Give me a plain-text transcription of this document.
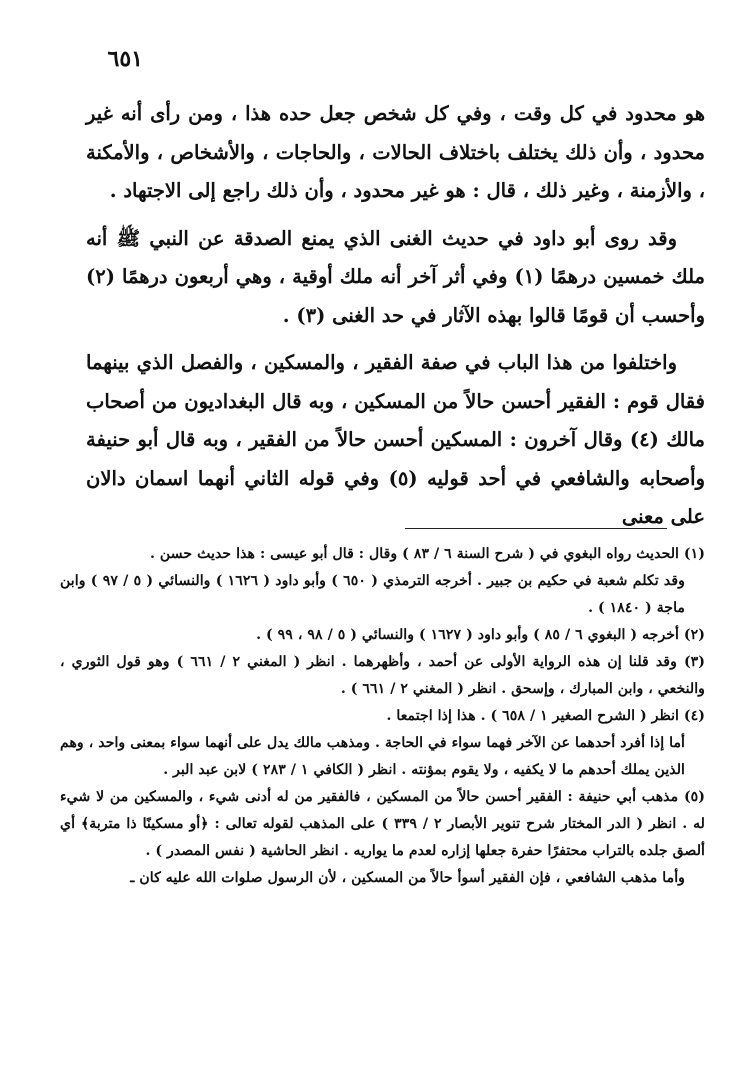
٦٥١

هو محدود في كل وقت ، وفي كل شخص جعل حده هذا ، ومن رأى أنه غير محدود ، وأن ذلك يختلف باختلاف الحالات ، والحاجات ، والأشخاص ، والأمكنة ، والأزمنة ، وغير ذلك ، قال : هو غير محدود ، وأن ذلك راجع إلى الاجتهاد .

وقد روى أبو داود في حديث الغنى الذي يمنع الصدقة عن النبي ﷺ أنه ملك خمسين درهمًا (١) وفي أثر آخر أنه ملك أوقية ، وهي أربعون درهمًا (٢) وأحسب أن قومًا قالوا بهذه الآثار في حد الغنى (٣) .

واختلفوا من هذا الباب في صفة الفقير ، والمسكين ، والفصل الذي بينهما فقال قوم : الفقير أحسن حالاً من المسكين ، وبه قال البغداديون من أصحاب مالك (٤) وقال آخرون : المسكين أحسن حالاً من الفقير ، وبه قال أبو حنيفة وأصحابه والشافعي في أحد قوليه (٥) وفي قوله الثاني أنهما اسمان دالان على معنى

(١) الحديث رواه البغوي في ( شرح السنة ٦ / ٨٣ ) وقال : قال أبو عيسى : هذا حديث حسن .

وقد تكلم شعبة في حكيم بن جبير . أخرجه الترمذي ( ٦٥٠ ) وأبو داود ( ١٦٢٦ ) والنسائي ( ٥ / ٩٧ ) وابن ماجة ( ١٨٤٠ ) .

(٢) أخرجه ( البغوي ٦ / ٨٥ ) وأبو داود ( ١٦٢٧ ) والنسائي ( ٥ / ٩٨ ، ٩٩ ) .

(٣) وقد قلنا إن هذه الرواية الأولى عن أحمد ، وأظهرهما . انظر ( المغني ٢ / ٦٦١ ) وهو قول الثوري ، والنخعي ، وابن المبارك ، وإسحق . انظر ( المغني ٢ / ٦٦١ ) .

(٤) انظر ( الشرح الصغير ١ / ٦٥٨ ) . هذا إذا اجتمعا .

أما إذا أفرد أحدهما عن الآخر فهما سواء في الحاجة . ومذهب مالك يدل على أنهما سواء بمعنى واحد ، وهم الذين يملك أحدهم ما لا يكفيه ، ولا يقوم بمؤنته . انظر ( الكافي ١ / ٢٨٣ ) لابن عبد البر .

(٥) مذهب أبي حنيفة : الفقير أحسن حالاً من المسكين ، فالفقير من له أدنى شيء ، والمسكين من لا شيء له . انظر ( الدر المختار شرح تنوير الأبصار ٢ / ٣٣٩ ) على المذهب لقوله تعالى : ﴿أو مسكينًا ذا متربة﴾ أي ألصق جلده بالتراب محتفرًا حفرة جعلها إزاره لعدم ما يواريه . انظر الحاشية ( نفس المصدر ) .

وأما مذهب الشافعي ، فإن الفقير أسوأ حالاً من المسكين ، لأن الرسول صلوات الله عليه كان ـ
